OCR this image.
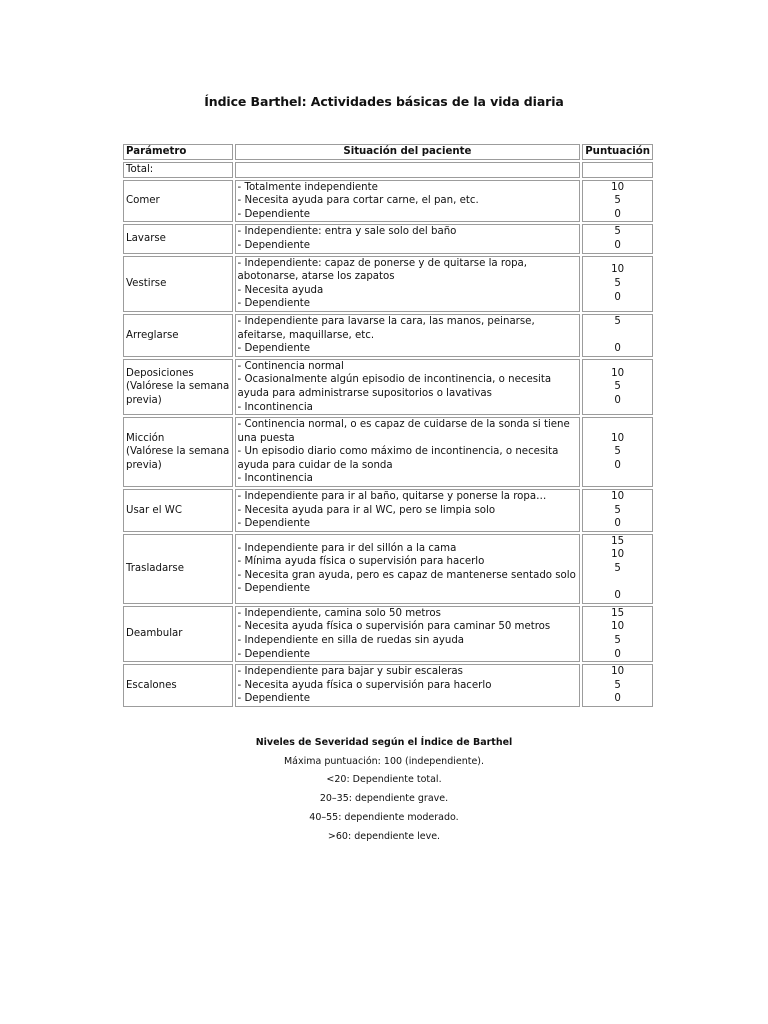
Índice Barthel: Actividades básicas de la vida diaria
Parámetro	Situación del paciente	Puntuación
Total:		

Comer	- Totalmente independiente
- Necesita ayuda para cortar carne, el pan, etc.
- Dependiente	10
5
0

Lavarse	- Independiente: entra y sale solo del baño
- Dependiente	5
0

Vestirse	- Independiente: capaz de ponerse y de quitarse la ropa, abotonarse, atarse los zapatos
- Necesita ayuda
- Dependiente	10
5
0

Arreglarse	- Independiente para lavarse la cara, las manos, peinarse, afeitarse, maquillarse, etc.
- Dependiente	5

0

Deposiciones
(Valórese la semana previa)	- Continencia normal
- Ocasionalmente algún episodio de incontinencia, o necesita ayuda para administrarse supositorios o lavativas
- Incontinencia	10
5
0

Micción
(Valórese la semana previa)	- Continencia normal, o es capaz de cuidarse de la sonda si tiene una puesta
- Un episodio diario como máximo de incontinencia, o necesita ayuda para cuidar de la sonda
- Incontinencia	10
5
0

Usar el WC	- Independiente para ir al baño, quitarse y ponerse la ropa…
- Necesita ayuda para ir al WC, pero se limpia solo
- Dependiente	10
5
0

Trasladarse	- Independiente para ir del sillón a la cama
- Mínima ayuda física o supervisión para hacerlo
- Necesita gran ayuda, pero es capaz de mantenerse sentado solo
- Dependiente	15
10
5

0

Deambular	- Independiente, camina solo 50 metros
- Necesita ayuda física o supervisión para caminar 50 metros
- Independiente en silla de ruedas sin ayuda
- Dependiente	15
10
5
0

Escalones	- Independiente para bajar y subir escaleras
- Necesita ayuda física o supervisión para hacerlo
- Dependiente	10
5
0
Niveles de Severidad según el Índice de Barthel
Máxima puntuación: 100 (independiente).
<20: Dependiente total.
20–35: dependiente grave.
40–55: dependiente moderado.
>60: dependiente leve.
